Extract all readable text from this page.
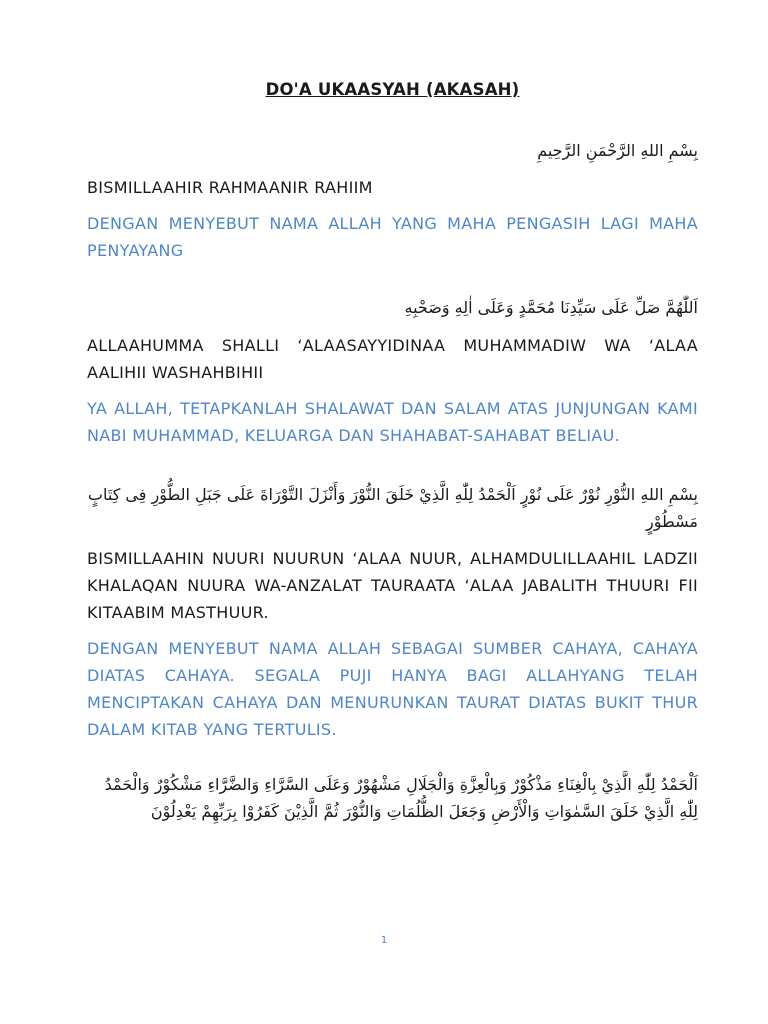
DO'A UKAASYAH (AKASAH)

بِسْمِ اللهِ الرَّحْمَنِ الرَّحِيمِ

BISMILLAAHIR RAHMAANIR RAHIIM

DENGAN MENYEBUT NAMA ALLAH YANG MAHA PENGASIH LAGI MAHA PENYAYANG

اَللّٰهُمَّ صَلِّ عَلَى سَيِّدِنَا مُحَمَّدٍ وَعَلَى اٰلِهِ وَصَحْبِهِ

ALLAAHUMMA SHALLI ‘ALAASAYYIDINAA MUHAMMADIW WA ‘ALAA AALIHII WASHAHBIHII

YA ALLAH, TETAPKANLAH SHALAWAT DAN SALAM ATAS JUNJUNGAN KAMI NABI MUHAMMAD, KELUARGA DAN SHAHABAT-SAHABAT BELIAU.

بِسْمِ اللهِ النُّوْرِ نُوْرٌ عَلَى نُوْرٍ اَلْحَمْدُ لِلّٰهِ الَّذِيْ خَلَقَ النُّوْرَ وَأَنْزَلَ التَّوْرَاةَ عَلَى جَبَلِ الطُّوْرِ فِى كِتَابٍ مَسْطُوْرٍ

BISMILLAAHIN NUURI NUURUN ‘ALAA NUUR, ALHAMDULILLAAHIL LADZII KHALAQAN NUURA WA-ANZALAT TAURAATA ‘ALAA JABALITH THUURI FII KITAABIM MASTHUUR.

DENGAN MENYEBUT NAMA ALLAH SEBAGAI SUMBER CAHAYA, CAHAYA DIATAS CAHAYA. SEGALA PUJI HANYA BAGI ALLAHYANG TELAH MENCIPTAKAN CAHAYA DAN MENURUNKAN TAURAT DIATAS BUKIT THUR DALAM KITAB YANG TERTULIS.

اَلْحَمْدُ لِلّٰهِ الَّذِيْ بِالْغِنَاءِ مَذْكُوْرٌ وَبِالْعِزَّةِ وَالْجَلَالِ مَشْهُوْرٌ وَعَلَى السَّرَّاءِ وَالضَّرَّاءِ مَشْكُوْرٌ وَالْحَمْدُ لِلّٰهِ الَّذِيْ خَلَقَ السَّمٰوَاتِ وَالْأَرْضِ وَجَعَلَ الظُّلُمَاتِ وَالنُّوْرَ ثُمَّ الَّذِيْنَ كَفَرُوْا بِرَبِّهِمْ يَعْدِلُوْنَ

1
